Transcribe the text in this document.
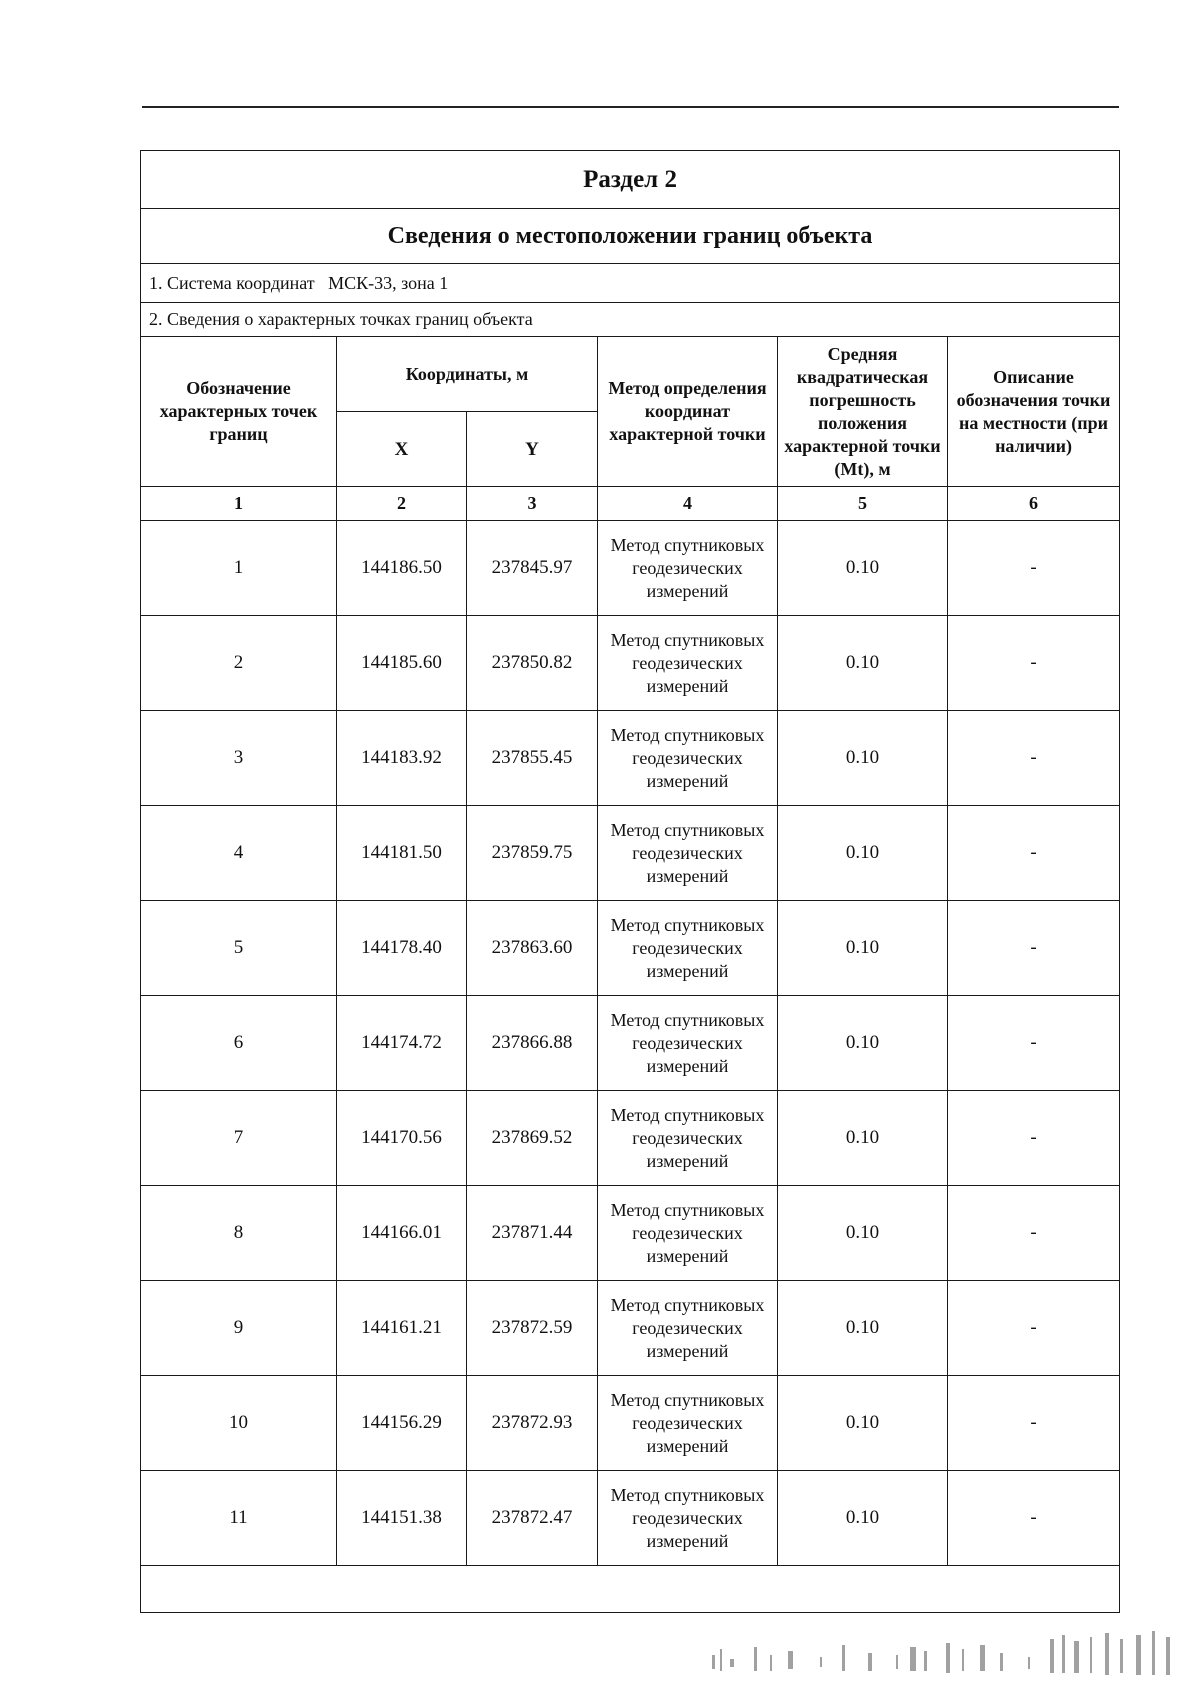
Раздел 2					
Сведения о местоположении границ объекта					
1. Система координат МСК-33, зона 1					
2. Сведения о характерных точках границ объекта					
Обозначение характерных точек границ	Координаты, м		Метод определения координат характерной точки	Средняя квадратическая погрешность положения характерной точки (Mt), м	Описание обозначения точки на местности (при наличии)
	X	Y			
1	2	3	4	5	6
1	144186.50	237845.97	Метод спутниковых геодезических измерений	0.10	-
2	144185.60	237850.82	Метод спутниковых геодезических измерений	0.10	-
3	144183.92	237855.45	Метод спутниковых геодезических измерений	0.10	-
4	144181.50	237859.75	Метод спутниковых геодезических измерений	0.10	-
5	144178.40	237863.60	Метод спутниковых геодезических измерений	0.10	-
6	144174.72	237866.88	Метод спутниковых геодезических измерений	0.10	-
7	144170.56	237869.52	Метод спутниковых геодезических измерений	0.10	-
8	144166.01	237871.44	Метод спутниковых геодезических измерений	0.10	-
9	144161.21	237872.59	Метод спутниковых геодезических измерений	0.10	-
10	144156.29	237872.93	Метод спутниковых геодезических измерений	0.10	-
11	144151.38	237872.47	Метод спутниковых геодезических измерений	0.10	-
